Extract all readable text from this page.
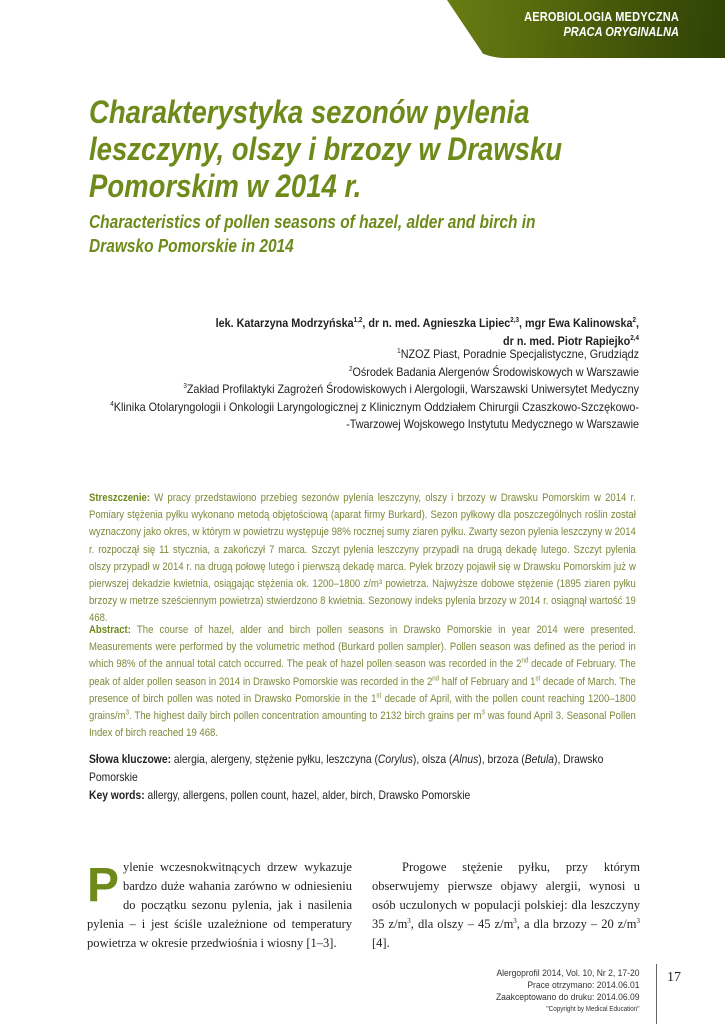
AEROBIOLOGIA MEDYCZNA
PRACA ORYGINALNA
Charakterystyka sezonów pylenia
leszczyny, olszy i brzozy w Drawsku
Pomorskim w 2014 r.
Characteristics of pollen seasons of hazel, alder and birch in
Drawsko Pomorskie in 2014
lek. Katarzyna Modrzyńska$^{1,2}$, dr n. med. Agnieszka Lipiec$^{2,3}$, mgr Ewa Kalinowska$^2$,
dr n. med. Piotr Rapiejko$^{2,4}$
$^1$NZOZ Piast, Poradnie Specjalistyczne, Grudziądz
$^2$Ośrodek Badania Alergenów Środowiskowych w Warszawie
$^3$Zakład Profilaktyki Zagrożeń Środowiskowych i Alergologii, Warszawski Uniwersytet Medyczny
$^4$Klinika Otolaryngologii i Onkologii Laryngologicznej z Klinicznym Oddziałem Chirurgii Czaszkowo-Szczękowo-
-Twarzowej Wojskowego Instytutu Medycznego w Warszawie

Streszczenie: W pracy przedstawiono przebieg sezonów pylenia leszczyny, olszy i brzozy w Drawsku Pomorskim w 2014 r. Pomiary stężenia pyłku wykonano metodą objętościową (aparat firmy Burkard). Sezon pyłkowy dla poszczególnych roślin został wyznaczony jako okres, w którym w powietrzu występuje 98% rocznej sumy ziaren pyłku. Zwarty sezon pylenia leszczyny w 2014 r. rozpoczął się 11 stycznia, a zakończył 7 marca. Szczyt pylenia leszczyny przypadł na drugą dekadę lutego. Szczyt pylenia olszy przypadł w 2014 r. na drugą połowę lutego i pierwszą dekadę marca. Pyłek brzozy pojawił się w Drawsku Pomorskim już w pierwszej dekadzie kwietnia, osiągając stężenia ok. 1200–1800 z/m³ powietrza. Najwyższe dobowe stężenie (1895 ziaren pyłku brzozy w metrze sześciennym powietrza) stwierdzono 8 kwietnia. Sezonowy indeks pylenia brzozy w 2014 r. osiągnął wartość 19 468.

Abstract: The course of hazel, alder and birch pollen seasons in Drawsko Pomorskie in year 2014 were presented. Measurements were performed by the volumetric method (Burkard pollen sampler). Pollen season was defined as the period in which 98% of the annual total catch occurred. The peak of hazel pollen season was recorded in the 2nd decade of February. The peak of alder pollen season in 2014 in Drawsko Pomorskie was recorded in the 2nd half of February and 1st decade of March. The presence of birch pollen was noted in Drawsko Pomorskie in the 1st decade of April, with the pollen count reaching 1200–1800 grains/$m^3$. The highest daily birch pollen concentration amounting to 2132 birch grains per $m^3$ was found April 3. Seasonal Pollen Index of birch reached 19 468.

Słowa kluczowe: alergia, alergeny, stężenie pyłku, leszczyna (Corylus), olsza (Alnus), brzoza (Betula), Drawsko Pomorskie
Key words: allergy, allergens, pollen count, hazel, alder, birch, Drawsko Pomorskie
P ylenie wczesnokwitnących drzew wykazuje bardzo duże wahania zarówno w odniesieniu do początku sezonu pylenia, jak i nasilenia pylenia – i jest ściśle uzależnione od temperatury powietrza w okresie przedwiośnia i wiosny [1–3].
Progowe stężenie pyłku, przy którym obserwujemy pierwsze objawy alergii, wynosi u osób uczulonych w populacji polskiej: dla leszczyny 35 $z/m^3$, dla olszy – 45 $z/m^3$, a dla brzozy – 20 $z/m^3$ [4].
Alergoprofil 2014, Vol. 10, Nr 2, 17-20
Prace otrzymano: 2014.06.01
Zaakceptowano do druku: 2014.06.09
"Copyright by Medical Education"
17
